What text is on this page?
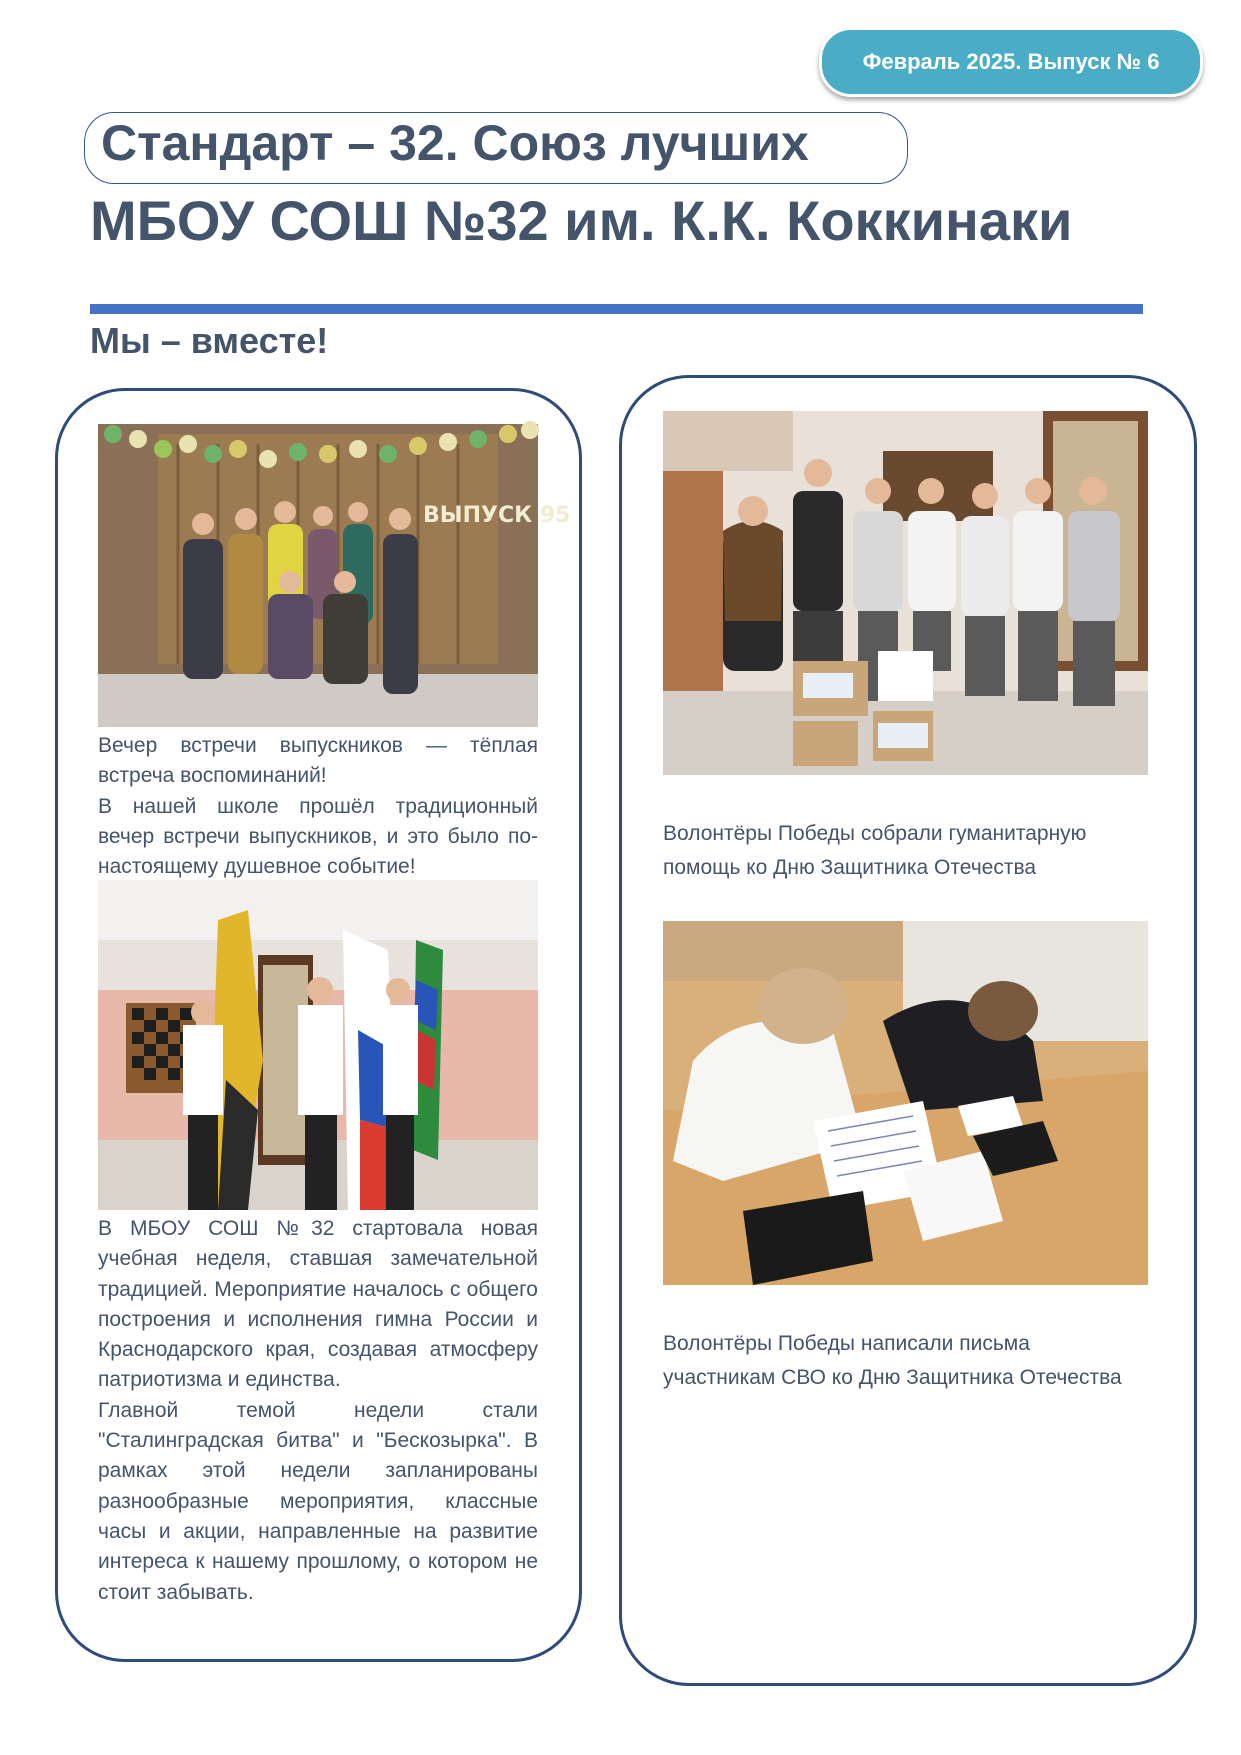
Февраль 2025. Выпуск № 6
Стандарт – 32. Союз лучших
МБОУ СОШ №32 им. К.К. Коккинаки
Мы – вместе!
ВЫПУСК 95

Вечер встречи выпускников — тёплая встреча воспоминаний!

В нашей школе прошёл традиционный вечер встречи выпускников, и это было по-настоящему душевное событие!

В МБОУ СОШ №32 стартовала новая учебная неделя, ставшая замечательной традицией. Мероприятие началось с общего построения и исполнения гимна России и Краснодарского края, создавая атмосферу патриотизма и единства.

Главной темой недели стали "Сталинградская битва" и "Бескозырка". В рамках этой недели запланированы разнообразные мероприятия, классные часы и акции, направленные на развитие интереса к нашему прошлому, о котором не стоит забывать.

Волонтёры Победы собрали гуманитарную помощь ко Дню Защитника Отечества
Волонтёры Победы написали письма участникам СВО ко Дню Защитника Отечества
